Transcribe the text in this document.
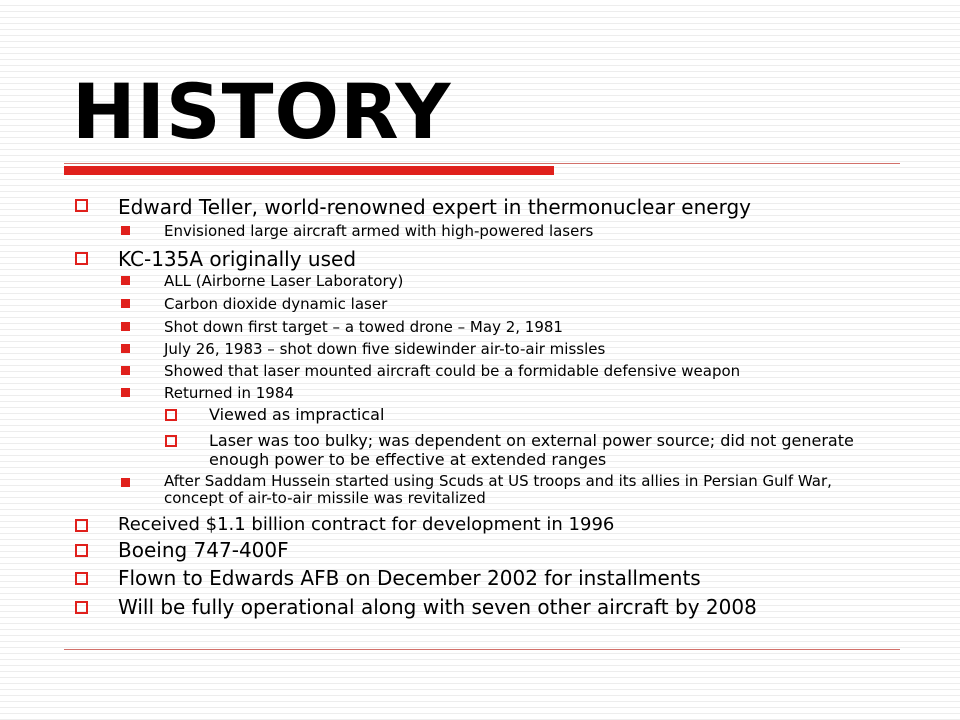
HISTORY
Edward Teller, world-renowned expert in thermonuclear energy
Envisioned large aircraft armed with high-powered lasers
KC-135A originally used
ALL (Airborne Laser Laboratory)
Carbon dioxide dynamic laser
Shot down first target – a towed drone – May 2, 1981
July 26, 1983 – shot down five sidewinder air-to-air missles
Showed that laser mounted aircraft could be a formidable defensive weapon
Returned in 1984
Viewed as impractical
Laser was too bulky; was dependent on external power source; did not generate enough power to be effective at extended ranges
After Saddam Hussein started using Scuds at US troops and its allies in Persian Gulf War, concept of air-to-air missile was revitalized
Received $1.1 billion contract for development in 1996
Boeing 747-400F
Flown to Edwards AFB on December 2002 for installments
Will be fully operational along with seven other aircraft by 2008
